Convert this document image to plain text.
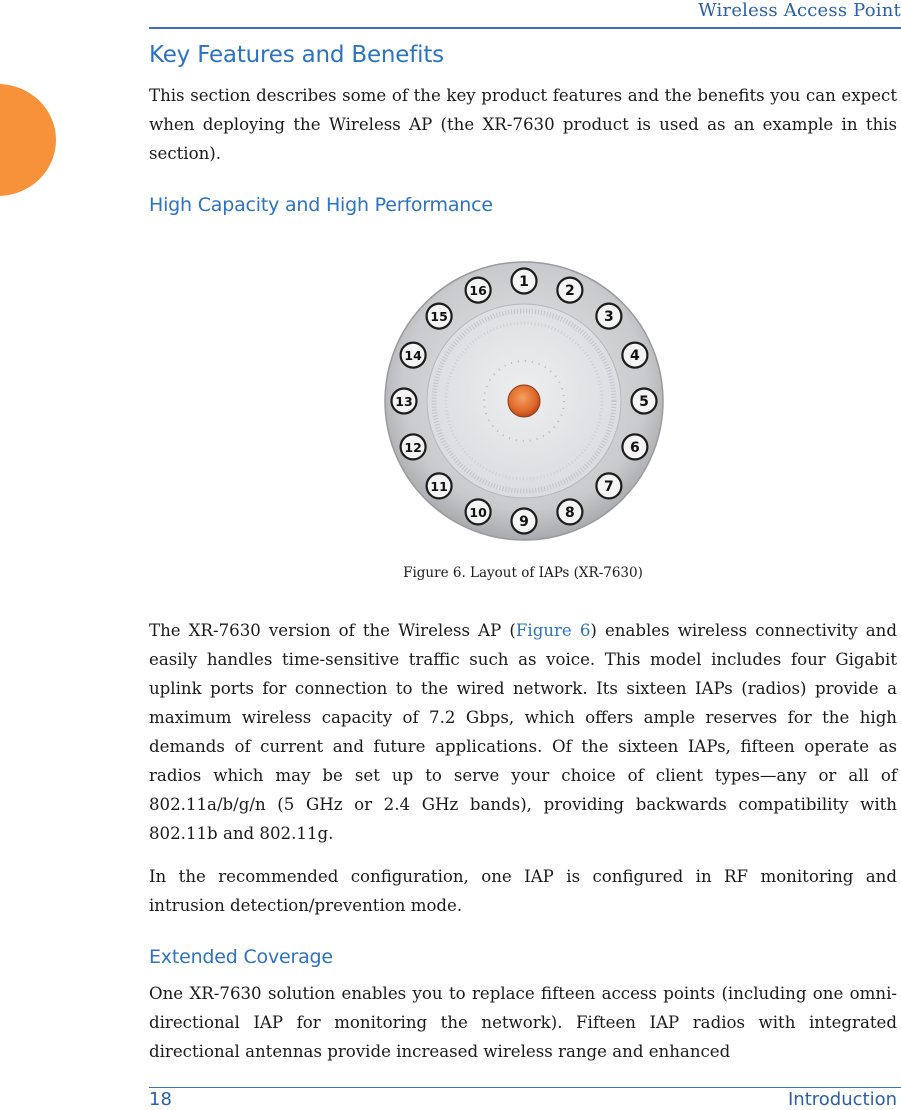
Wireless Access Point
Key Features and Benefits

This section describes some of the key product features and the benefits you can expect when deploying the Wireless AP (the XR-7630 product is used as an example in this section).

High Capacity and High Performance
1
2
3
4
5
6
7
8
9
10
11
12
13
14
15
16
Figure 6. Layout of IAPs (XR-7630)

The XR-7630 version of the Wireless AP (Figure 6) enables wireless connectivity and easily handles time-sensitive traffic such as voice. This model includes four Gigabit uplink ports for connection to the wired network. Its sixteen IAPs (radios) provide a maximum wireless capacity of 7.2 Gbps, which offers ample reserves for the high demands of current and future applications. Of the sixteen IAPs, fifteen operate as radios which may be set up to serve your choice of client types—any or all of 802.11a/b/g/n (5 GHz or 2.4 GHz bands), providing backwards compatibility with 802.11b and 802.11g.

In the recommended configuration, one IAP is configured in RF monitoring and intrusion detection/prevention mode.

Extended Coverage

One XR-7630 solution enables you to replace fifteen access points (including one omni-directional IAP for monitoring the network). Fifteen IAP radios with integrated directional antennas provide increased wireless range and enhanced

18	Introduction
